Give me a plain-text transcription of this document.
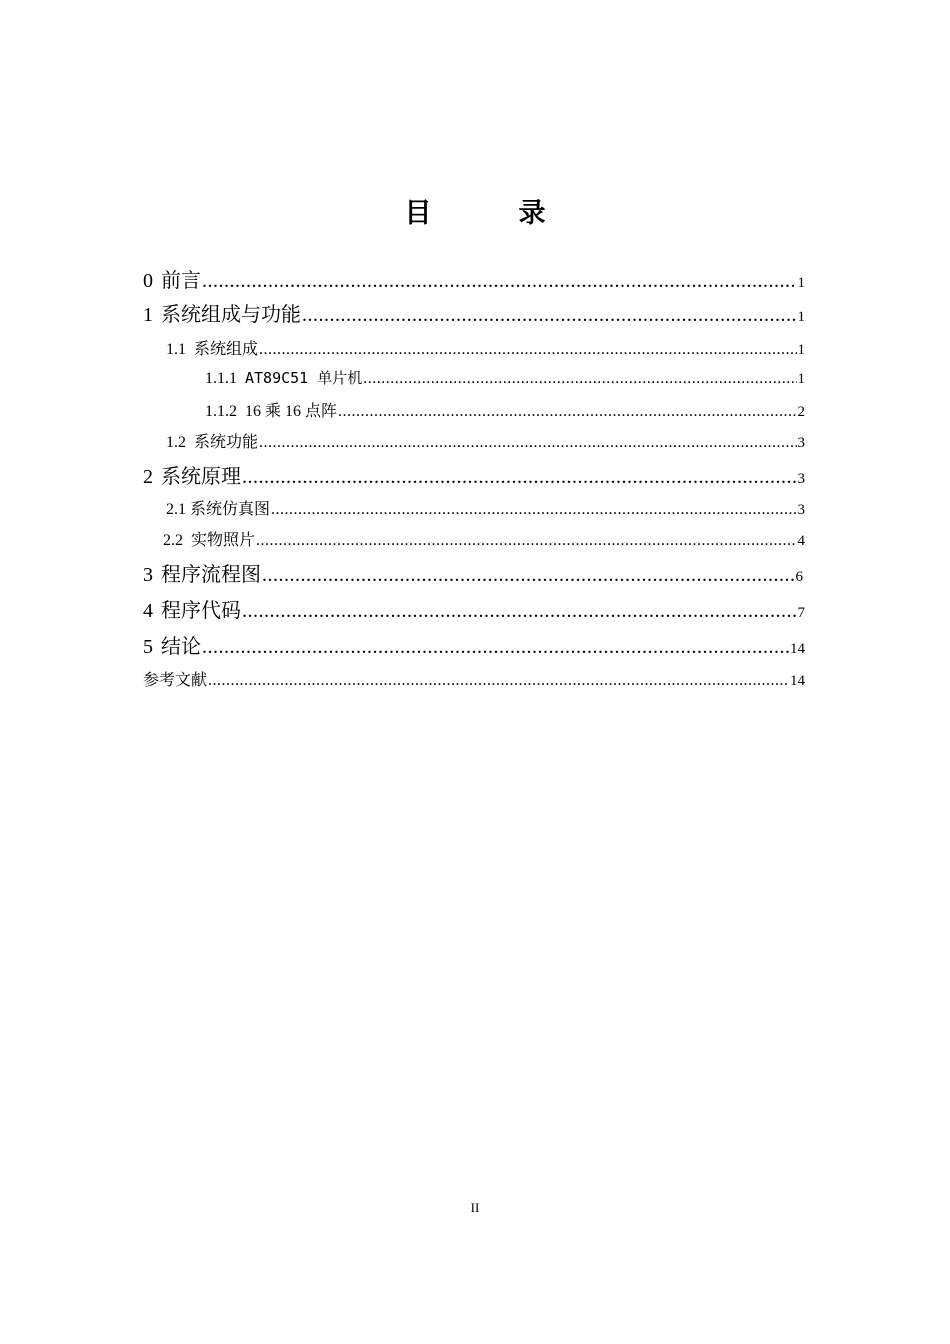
目　录
0 前言 .....	1
1 系统组成与功能 .....	1
1.1 系统组成 .....	1
1.1.1 AT89C51 单片机 .....	1
1.1.2 16 乘 16 点阵 .....	2
1.2 系统功能 .....	3
2 系统原理 .....	3
2.1 系统仿真图 .....	3
2.2 实物照片 .....	4
3 程序流程图 .....	6
4 程序代码 .....	7
5 结论 .....	14
参考文献 .....	14
II
